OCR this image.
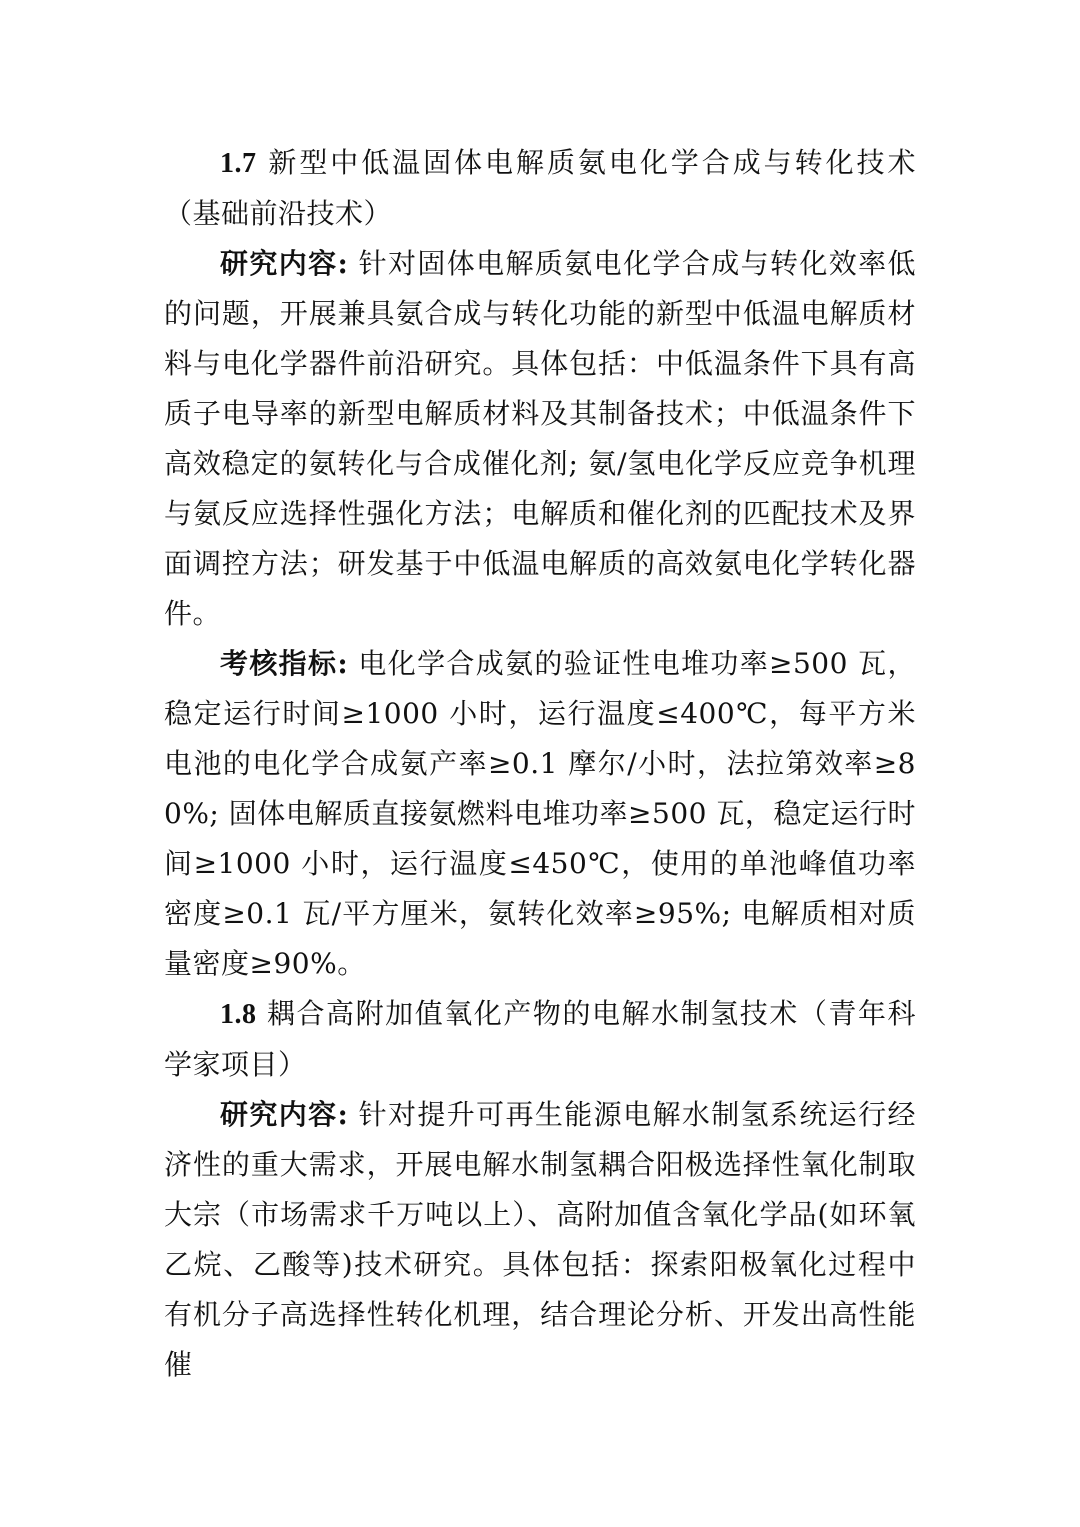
1.7 新型中低温固体电解质氨电化学合成与转化技术（基础前沿技术）

研究内容: 针对固体电解质氨电化学合成与转化效率低的问题，开展兼具氨合成与转化功能的新型中低温电解质材料与电化学器件前沿研究。具体包括：中低温条件下具有高质子电导率的新型电解质材料及其制备技术；中低温条件下高效稳定的氨转化与合成催化剂; 氨/氢电化学反应竞争机理与氨反应选择性强化方法；电解质和催化剂的匹配技术及界面调控方法；研发基于中低温电解质的高效氨电化学转化器件。

考核指标: 电化学合成氨的验证性电堆功率≥500 瓦，稳定运行时间≥1000 小时，运行温度≤400℃，每平方米电池的电化学合成氨产率≥0.1 摩尔/小时，法拉第效率≥80%; 固体电解质直接氨燃料电堆功率≥500 瓦，稳定运行时间≥1000 小时，运行温度≤450℃，使用的单池峰值功率密度≥0.1 瓦/平方厘米，氨转化效率≥95%; 电解质相对质量密度≥90%。

1.8 耦合高附加值氧化产物的电解水制氢技术（青年科学家项目）

研究内容: 针对提升可再生能源电解水制氢系统运行经济性的重大需求，开展电解水制氢耦合阳极选择性氧化制取大宗（市场需求千万吨以上）、高附加值含氧化学品(如环氧乙烷、乙酸等)技术研究。具体包括：探索阳极氧化过程中有机分子高选择性转化机理，结合理论分析、开发出高性能催
